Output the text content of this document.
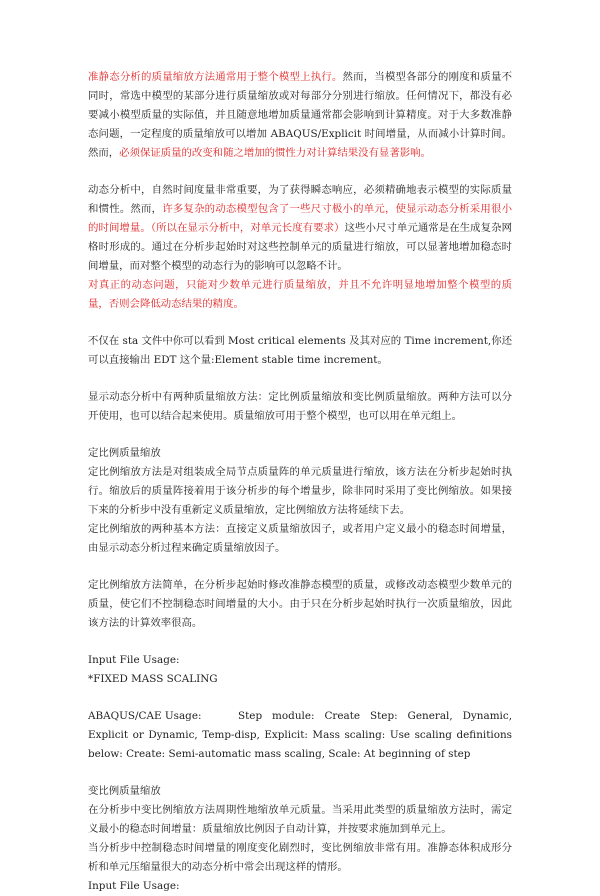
准静态分析的质量缩放方法通常用于整个模型上执行。然而，当模型各部分的刚度和质量不同时，常选中模型的某部分进行质量缩放或对每部分分别进行缩放。任何情况下，都没有必要减小模型质量的实际值，并且随意地增加质量通常都会影响到计算精度。对于大多数准静态问题，一定程度的质量缩放可以增加 ABAQUS/Explicit 时间增量，从而减小计算时间。然而，必须保证质量的改变和随之增加的惯性力对计算结果没有显著影响。

动态分析中，自然时间度量非常重要，为了获得瞬态响应，必须精确地表示模型的实际质量和惯性。然而，许多复杂的动态模型包含了一些尺寸极小的单元，使显示动态分析采用很小的时间增量。（所以在显示分析中，对单元长度有要求）这些小尺寸单元通常是在生成复杂网格时形成的。通过在分析步起始时对这些控制单元的质量进行缩放，可以显著地增加稳态时间增量，而对整个模型的动态行为的影响可以忽略不计。
对真正的动态问题，只能对少数单元进行质量缩放，并且不允许明显地增加整个模型的质量，否则会降低动态结果的精度。

不仅在 sta 文件中你可以看到 Most critical elements 及其对应的 Time increment,你还可以直接输出 EDT 这个量:Element stable time increment。

显示动态分析中有两种质量缩放方法：定比例质量缩放和变比例质量缩放。两种方法可以分开使用，也可以结合起来使用。质量缩放可用于整个模型，也可以用在单元组上。

定比例质量缩放

定比例缩放方法是对组装成全局节点质量阵的单元质量进行缩放，该方法在分析步起始时执行。缩放后的质量阵接着用于该分析步的每个增量步，除非同时采用了变比例缩放。如果接下来的分析步中没有重新定义质量缩放，定比例缩放方法将延续下去。

定比例缩放的两种基本方法：直接定义质量缩放因子，或者用户定义最小的稳态时间增量，由显示动态分析过程来确定质量缩放因子。

定比例缩放方法简单，在分析步起始时修改准静态模型的质量，或修改动态模型少数单元的质量，使它们不控制稳态时间增量的大小。由于只在分析步起始时执行一次质量缩放，因此该方法的计算效率很高。

Input File Usage:

*FIXED MASS SCALING

ABAQUS/CAE Usage:	Step module: Create Step: General, Dynamic, Explicit or Dynamic, Temp-disp, Explicit: Mass scaling: Use scaling definitions below: Create: Semi-automatic mass scaling, Scale: At beginning of step

变比例质量缩放

在分析步中变比例缩放方法周期性地缩放单元质量。当采用此类型的质量缩放方法时，需定义最小的稳态时间增量：质量缩放比例因子自动计算，并按要求施加到单元上。

当分析步中控制稳态时间增量的刚度变化剧烈时，变比例缩放非常有用。准静态体积成形分析和单元压缩量很大的动态分析中常会出现这样的情形。

Input File Usage:
